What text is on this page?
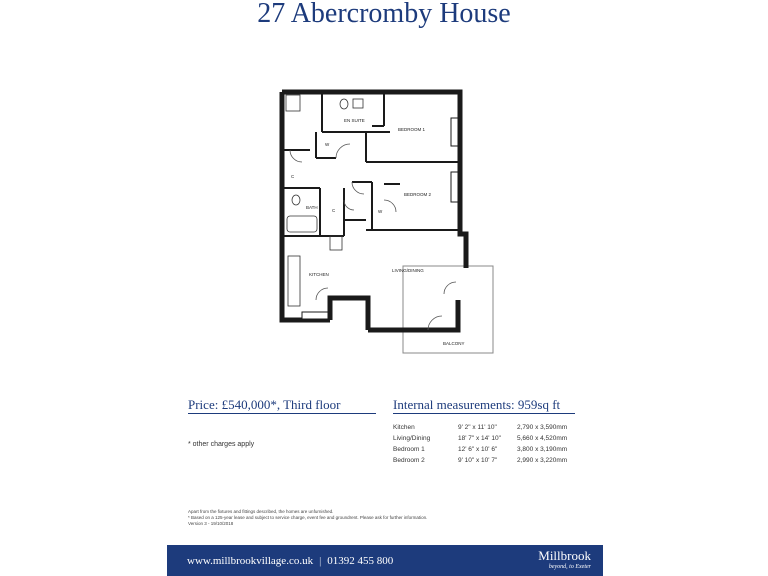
27 Abercromby House
EN SUITE
BEDROOM 1
BEDROOM 2
BATH
KITCHEN
LIVING/DINING
BALCONY
W
W
C
C
Price: £540,000*, Third floor	Internal measurements: 959sq ft
* other charges apply
Kitchen	9' 2" x 11' 10"	2,790 x 3,590mm
Living/Dining	18' 7" x 14' 10"	5,660 x 4,520mm
Bedroom 1	12' 6" x 10' 6"	3,800 x 3,190mm
Bedroom 2	9' 10" x 10' 7"	2,990 x 3,220mm
Apart from the fixtures and fittings described, the homes are unfurnished.
* Based on a 125-year lease and subject to service charge, event fee and groundrent. Please ask for further information.
Version 3 - 19/10/2018
www.millbrookvillage.co.uk | 01392 455 800	Millbrook
beyond, to Exeter
